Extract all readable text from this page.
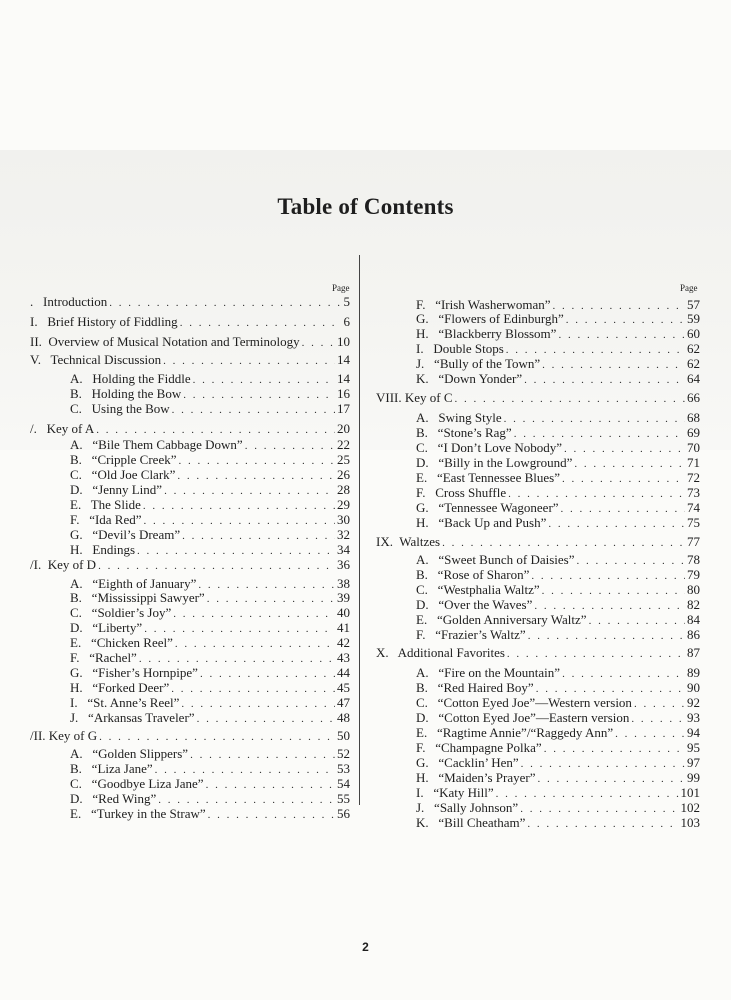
Table of Contents
Page
.   Introduction . . .	5
I.   Brief History of Fiddling . . .	6
II.  Overview of Musical Notation and Terminology . . .	10
V.   Technical Discussion . . .	14
A.   Holding the Fiddle . . .	14
B.   Holding the Bow . . .	16
C.   Using the Bow . . .	17
/.   Key of A . . .	20
A.   “Bile Them Cabbage Down” . . .	22
B.   “Cripple Creek” . . .	25
C.   “Old Joe Clark” . . .	26
D.   “Jenny Lind” . . .	28
E.   The Slide . . .	29
F.   “Ida Red” . . .	30
G.   “Devil’s Dream” . . .	32
H.   Endings . . .	34
/I.  Key of D . . .	36
A.   “Eighth of January” . . .	38
B.   “Mississippi Sawyer” . . .	39
C.   “Soldier’s Joy” . . .	40
D.   “Liberty” . . .	41
E.   “Chicken Reel” . . .	42
F.   “Rachel” . . .	43
G.   “Fisher’s Hornpipe” . . .	44
H.   “Forked Deer” . . .	45
I.   “St. Anne’s Reel” . . .	47
J.   “Arkansas Traveler” . . .	48
/II. Key of G . . .	50
A.   “Golden Slippers” . . .	52
B.   “Liza Jane” . . .	53
C.   “Goodbye Liza Jane” . . .	54
D.   “Red Wing” . . .	55
E.   “Turkey in the Straw” . . .	56
Page
F.   “Irish Washerwoman” . . .	57
G.   “Flowers of Edinburgh” . . .	59
H.   “Blackberry Blossom” . . .	60
I.   Double Stops . . .	62
J.   “Bully of the Town” . . .	62
K.   “Down Yonder” . . .	64
VIII. Key of C . . .	66
A.   Swing Style . . .	68
B.   “Stone’s Rag” . . .	69
C.   “I Don’t Love Nobody” . . .	70
D.   “Billy in the Lowground” . . .	71
E.   “East Tennessee Blues” . . .	72
F.   Cross Shuffle . . .	73
G.   “Tennessee Wagoneer” . . .	74
H.   “Back Up and Push” . . .	75
IX.  Waltzes . . .	77
A.   “Sweet Bunch of Daisies” . . .	78
B.   “Rose of Sharon” . . .	79
C.   “Westphalia Waltz” . . .	80
D.   “Over the Waves” . . .	82
E.   “Golden Anniversary Waltz” . . .	84
F.   “Frazier’s Waltz” . . .	86
X.   Additional Favorites . . .	87
A.   “Fire on the Mountain” . . .	89
B.   “Red Haired Boy” . . .	90
C.   “Cotton Eyed Joe”—Western version . . .	92
D.   “Cotton Eyed Joe”—Eastern version . . .	93
E.   “Ragtime Annie”/“Raggedy Ann” . . .	94
F.   “Champagne Polka” . . .	95
G.   “Cacklin’ Hen” . . .	97
H.   “Maiden’s Prayer” . . .	99
I.   “Katy Hill” . . .	101
J.   “Sally Johnson” . . .	102
K.   “Bill Cheatham” . . .	103
2
